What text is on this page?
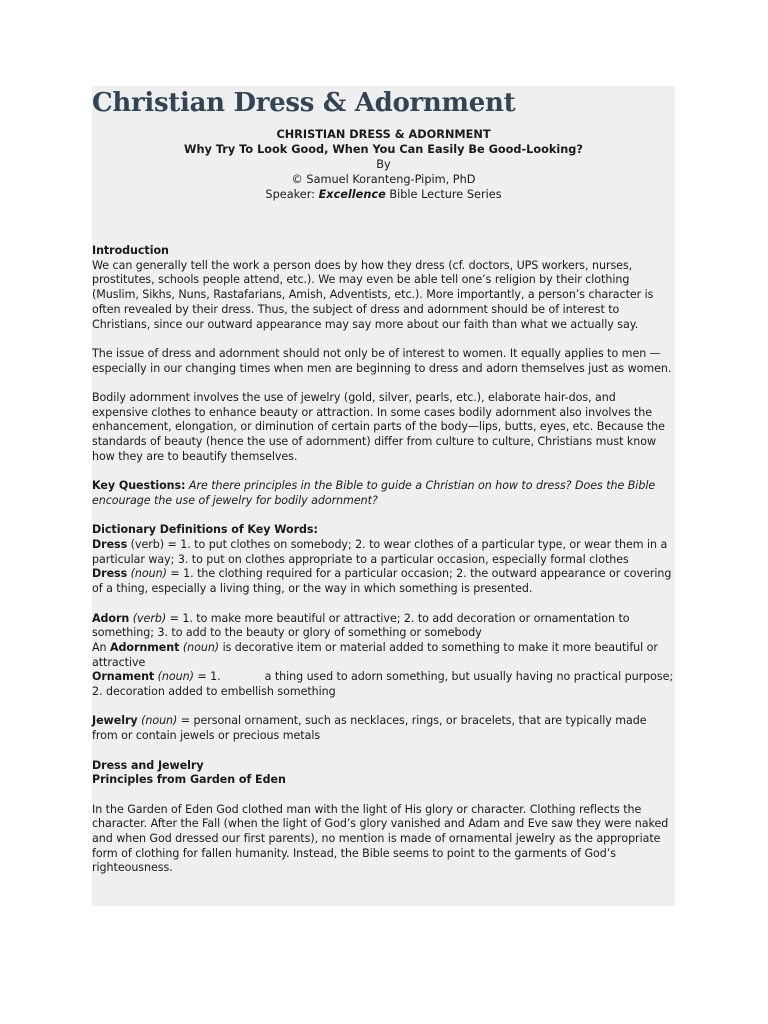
Christian Dress & Adornment
CHRISTIAN DRESS & ADORNMENT
Why Try To Look Good, When You Can Easily Be Good-Looking?
By
© Samuel Koranteng-Pipim, PhD
Speaker: Excellence Bible Lecture Series

Introduction

We can generally tell the work a person does by how they dress (cf. doctors, UPS workers, nurses, prostitutes, schools people attend, etc.). We may even be able tell one’s religion by their clothing (Muslim, Sikhs, Nuns, Rastafarians, Amish, Adventists, etc.). More importantly, a person’s character is often revealed by their dress. Thus, the subject of dress and adornment should be of interest to Christians, since our outward appearance may say more about our faith than what we actually say.

The issue of dress and adornment should not only be of interest to women. It equally applies to men —especially in our changing times when men are beginning to dress and adorn themselves just as women.

Bodily adornment involves the use of jewelry (gold, silver, pearls, etc.), elaborate hair-dos, and expensive clothes to enhance beauty or attraction. In some cases bodily adornment also involves the enhancement, elongation, or diminution of certain parts of the body—lips, butts, eyes, etc. Because the standards of beauty (hence the use of adornment) differ from culture to culture, Christians must know how they are to beautify themselves.

Key Questions: Are there principles in the Bible to guide a Christian on how to dress? Does the Bible encourage the use of jewelry for bodily adornment?

Dictionary Definitions of Key Words:

Dress (verb) = 1. to put clothes on somebody; 2. to wear clothes of a particular type, or wear them in a particular way; 3. to put on clothes appropriate to a particular occasion, especially formal clothes

Dress (noun) = 1. the clothing required for a particular occasion; 2. the outward appearance or covering of a thing, especially a living thing, or the way in which something is presented.

Adorn (verb) = 1. to make more beautiful or attractive; 2. to add decoration or ornamentation to something; 3. to add to the beauty or glory of something or somebody

An Adornment (noun) is decorative item or material added to something to make it more beautiful or attractive

Ornament (noun) = 1.	a thing used to adorn something, but usually having no practical purpose; 2. decoration added to embellish something

Jewelry (noun) = personal ornament, such as necklaces, rings, or bracelets, that are typically made from or contain jewels or precious metals

Dress and Jewelry

Principles from Garden of Eden

In the Garden of Eden God clothed man with the light of His glory or character. Clothing reflects the character. After the Fall (when the light of God’s glory vanished and Adam and Eve saw they were naked and when God dressed our first parents), no mention is made of ornamental jewelry as the appropriate form of clothing for fallen humanity. Instead, the Bible seems to point to the garments of God’s righteousness.
